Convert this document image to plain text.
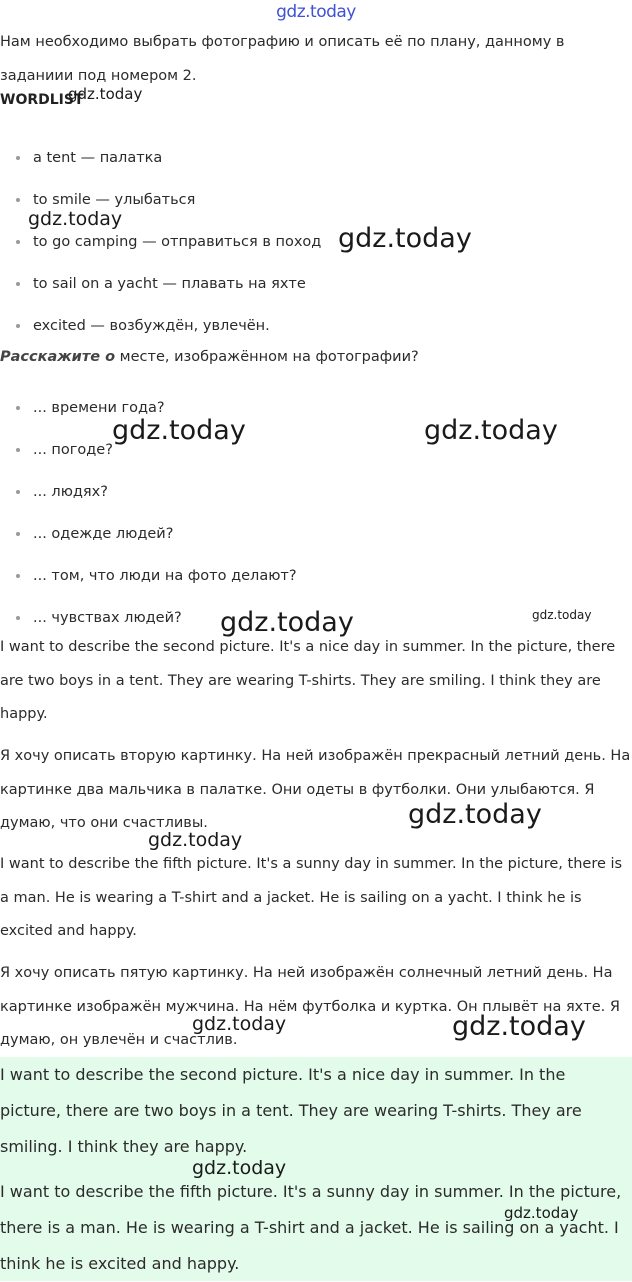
gdz.today

Нам необходимо выбрать фотографию и описать её по плану, данному в заданиии под номером 2.

WORDLIST

a tent — палатка
to smile — улыбаться
to go camping — отправиться в поход
to sail on a yacht — плавать на яхте
excited — возбуждён, увлечён.

Расскажите о месте, изображённом на фотографии?

... времени года?
... погоде?
... людях?
... одежде людей?
... том, что люди на фото делают?
... чувствах людей?

I want to describe the second picture. It's a nice day in summer. In the picture, there are two boys in a tent. They are wearing T-shirts. They are smiling. I think they are happy.

Я хочу описать вторую картинку. На ней изображён прекрасный летний день. На картинке два мальчика в палатке. Они одеты в футболки. Они улыбаются. Я думаю, что они счастливы.

I want to describe the fifth picture. It's a sunny day in summer. In the picture, there is a man. He is wearing a T-shirt and a jacket. He is sailing on a yacht. I think he is excited and happy.

Я хочу описать пятую картинку. На ней изображён солнечный летний день. На картинке изображён мужчина. На нём футболка и куртка. Он плывёт на яхте. Я думаю, он увлечён и счастлив.

I want to describe the second picture. It's a nice day in summer. In the picture, there are two boys in a tent. They are wearing T-shirts. They are smiling. I think they are happy.

I want to describe the fifth picture. It's a sunny day in summer. In the picture, there is a man. He is wearing a T-shirt and a jacket. He is sailing on a yacht. I think he is excited and happy.

gdz.today
gdz.today
gdz.today
gdz.today	gdz.today
gdz.today
gdz.today
gdz.today
gdz.today
gdz.today	gdz.today
gdz.today
gdz.today
